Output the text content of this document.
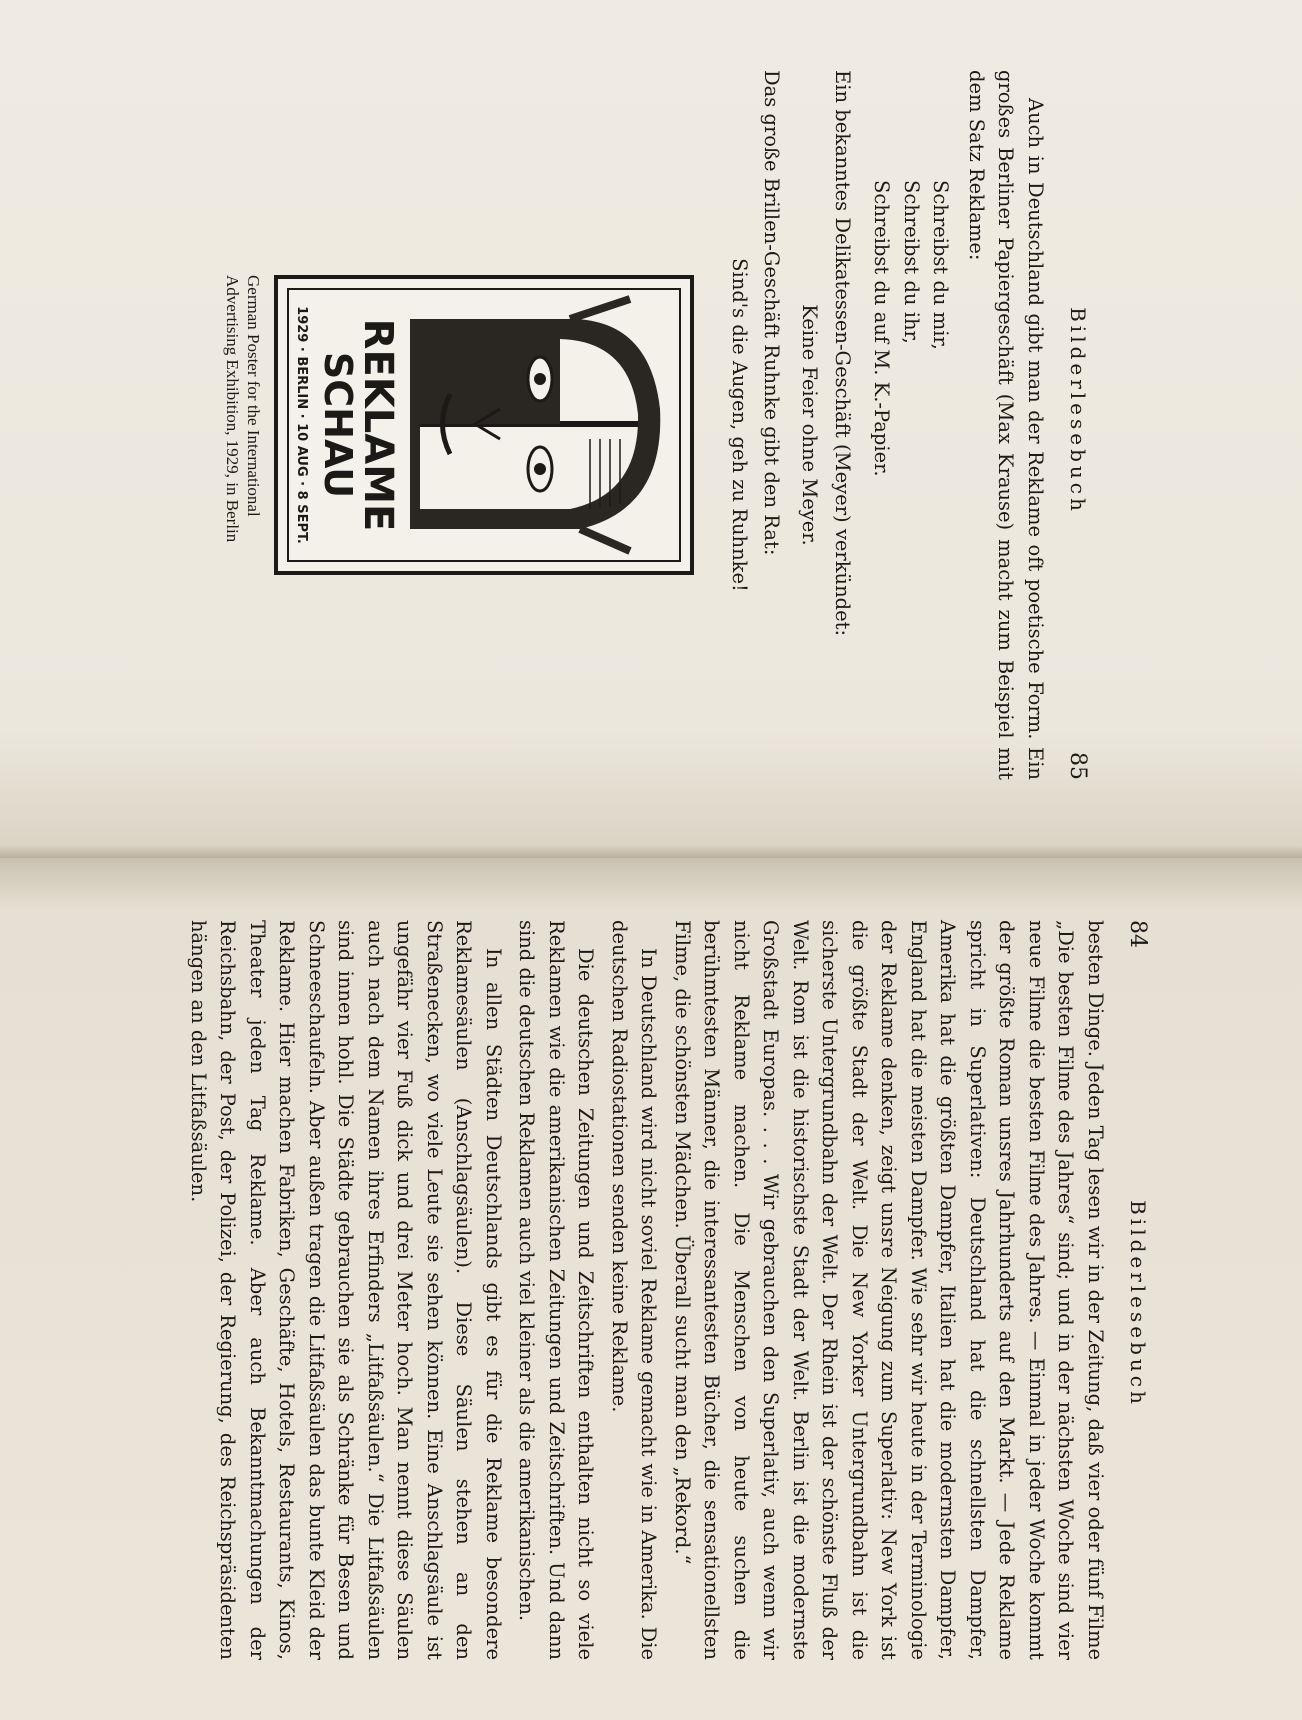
Bilderlesebuch
85

Auch in Deutschland gibt man der Reklame oft poetische Form. Ein großes Berliner Papiergeschäft (Max Krause) macht zum Beispiel mit dem Satz Reklame:

Schreibst du mir,
Schreibst du ihr,
Schreibst du auf M. K.-Papier.

Ein bekanntes Delikatessen-Geschäft (Meyer) verkündet:

Keine Feier ohne Meyer.

Das große Brillen-Geschäft Ruhnke gibt den Rat:

Sind's die Augen, geh zu Ruhnke!
REKLAME
SCHAU
1929 · BERLIN · 10 AUG · 8 SEPT.
German Poster for the International Advertising Exhibition, 1929, in Berlin
84
Bilderlesebuch

besten Dinge. Jeden Tag lesen wir in der Zeitung, daß vier oder fünf Filme „Die besten Filme des Jahres“ sind; und in der nächsten Woche sind vier neue Filme die besten Filme des Jahres. — Einmal in jeder Woche kommt der größte Roman unsres Jahrhunderts auf den Markt. — Jede Reklame spricht in Superlativen: Deutschland hat die schnellsten Dampfer, Amerika hat die größten Dampfer, Italien hat die modernsten Dampfer, England hat die meisten Dampfer. Wie sehr wir heute in der Terminologie der Reklame denken, zeigt unsre Neigung zum Superlativ: New York ist die größte Stadt der Welt. Die New Yorker Untergrundbahn ist die sicherste Untergrundbahn der Welt. Der Rhein ist der schönste Fluß der Welt. Rom ist die historischste Stadt der Welt. Berlin ist die modernste Großstadt Europas. . . . Wir gebrauchen den Superlativ, auch wenn wir nicht Reklame machen. Die Menschen von heute suchen die berühmtesten Männer, die interessantesten Bücher, die sensationellsten Filme, die schönsten Mädchen. Überall sucht man den „Rekord.“

In Deutschland wird nicht soviel Reklame gemacht wie in Amerika. Die deutschen Radiostationen senden keine Reklame.

Die deutschen Zeitungen und Zeitschriften enthalten nicht so viele Reklamen wie die amerikanischen Zeitungen und Zeitschriften. Und dann sind die deutschen Reklamen auch viel kleiner als die amerikanischen.

In allen Städten Deutschlands gibt es für die Reklame besondere Reklamesäulen (Anschlagsäulen). Diese Säulen stehen an den Straßenecken, wo viele Leute sie sehen können. Eine Anschlagsäule ist ungefähr vier Fuß dick und drei Meter hoch. Man nennt diese Säulen auch nach dem Namen ihres Erfinders „Litfaßsäulen.“ Die Litfaßsäulen sind innen hohl. Die Städte gebrauchen sie als Schränke für Besen und Schneeschaufeln. Aber außen tragen die Litfaßsäulen das bunte Kleid der Reklame. Hier machen Fabriken, Geschäfte, Hotels, Restaurants, Kinos, Theater jeden Tag Reklame. Aber auch Bekanntmachungen der Reichsbahn, der Post, der Polizei, der Regierung, des Reichspräsidenten hängen an den Litfaßsäulen.
